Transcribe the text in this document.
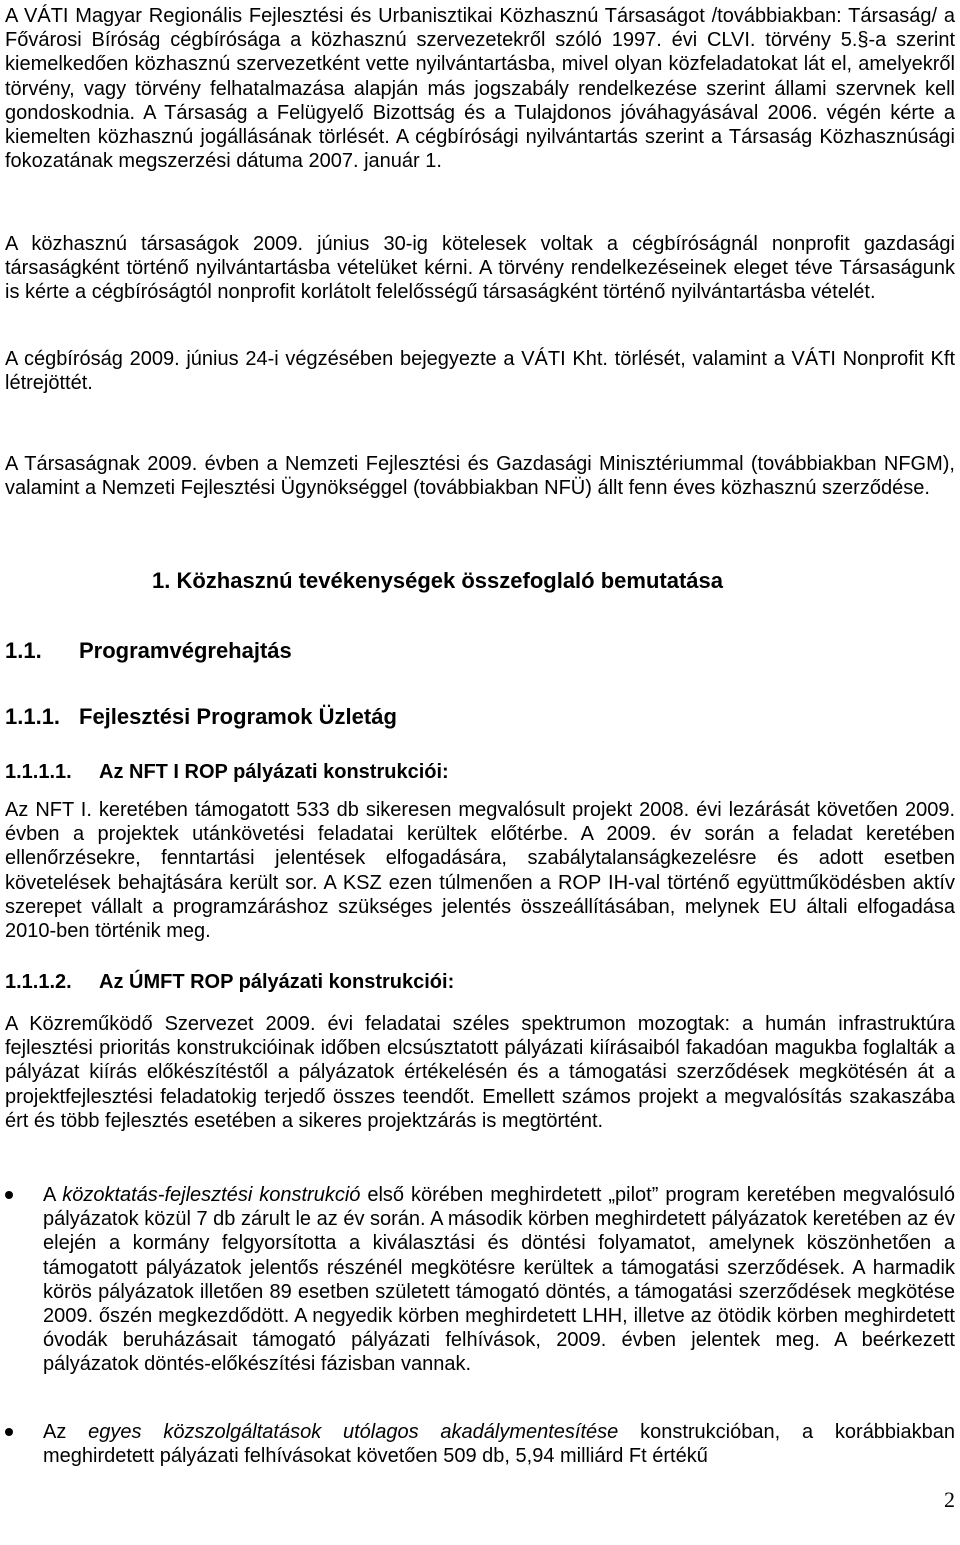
A VÁTI Magyar Regionális Fejlesztési és Urbanisztikai Közhasznú Társaságot /továbbiakban: Társaság/ a Fővárosi Bíróság cégbírósága a közhasznú szervezetekről szóló 1997. évi CLVI. törvény 5.§-a szerint kiemelkedően közhasznú szervezetként vette nyilvántartásba, mivel olyan közfeladatokat lát el, amelyekről törvény, vagy törvény felhatalmazása alapján más jogszabály rendelkezése szerint állami szervnek kell gondoskodnia. A Társaság a Felügyelő Bizottság és a Tulajdonos jóváhagyásával 2006. végén kérte a kiemelten közhasznú jogállásának törlését. A cégbírósági nyilvántartás szerint a Társaság Közhasznúsági fokozatának megszerzési dátuma 2007. január 1.

A közhasznú társaságok 2009. június 30-ig kötelesek voltak a cégbíróságnál nonprofit gazdasági társaságként történő nyilvántartásba vételüket kérni. A törvény rendelkezéseinek eleget téve Társaságunk is kérte a cégbíróságtól nonprofit korlátolt felelősségű társaságként történő nyilvántartásba vételét.

A cégbíróság 2009. június 24-i végzésében bejegyezte a VÁTI Kht. törlését, valamint a VÁTI Nonprofit Kft létrejöttét.

A Társaságnak 2009. évben a Nemzeti Fejlesztési és Gazdasági Minisztériummal (továbbiakban NFGM), valamint a Nemzeti Fejlesztési Ügynökséggel (továbbiakban NFÜ) állt fenn éves közhasznú szerződése.

1. Közhasznú tevékenységek összefoglaló bemutatása
1.1. Programvégrehajtás
1.1.1. Fejlesztési Programok Üzletág
1.1.1.1. Az NFT I ROP pályázati konstrukciói:

Az NFT I. keretében támogatott 533 db sikeresen megvalósult projekt 2008. évi lezárását követően 2009. évben a projektek utánkövetési feladatai kerültek előtérbe. A 2009. év során a feladat keretében ellenőrzésekre, fenntartási jelentések elfogadására, szabálytalanságkezelésre és adott esetben követelések behajtására került sor. A KSZ ezen túlmenően a ROP IH-val történő együttműködésben aktív szerepet vállalt a programzáráshoz szükséges jelentés összeállításában, melynek EU általi elfogadása 2010-ben történik meg.

1.1.1.2. Az ÚMFT ROP pályázati konstrukciói:

A Közreműködő Szervezet 2009. évi feladatai széles spektrumon mozogtak: a humán infrastruktúra fejlesztési prioritás konstrukcióinak időben elcsúsztatott pályázati kiírásaiból fakadóan magukba foglalták a pályázat kiírás előkészítéstől a pályázatok értékelésén és a támogatási szerződések megkötésén át a projektfejlesztési feladatokig terjedő összes teendőt. Emellett számos projekt a megvalósítás szakaszába ért és több fejlesztés esetében a sikeres projektzárás is megtörtént.

A közoktatás-fejlesztési konstrukció első körében meghirdetett „pilot” program keretében megvalósuló pályázatok közül 7 db zárult le az év során. A második körben meghirdetett pályázatok keretében az év elején a kormány felgyorsította a kiválasztási és döntési folyamatot, amelynek köszönhetően a támogatott pályázatok jelentős részénél megkötésre kerültek a támogatási szerződések. A harmadik körös pályázatok illetően 89 esetben született támogató döntés, a támogatási szerződések megkötése 2009. őszén megkezdődött. A negyedik körben meghirdetett LHH, illetve az ötödik körben meghirdetett óvodák beruházásait támogató pályázati felhívások, 2009. évben jelentek meg. A beérkezett pályázatok döntés-előkészítési fázisban vannak.
Az egyes közszolgáltatások utólagos akadálymentesítése konstrukcióban, a korábbiakban meghirdetett pályázati felhívásokat követően 509 db, 5,94 milliárd Ft értékű
2
